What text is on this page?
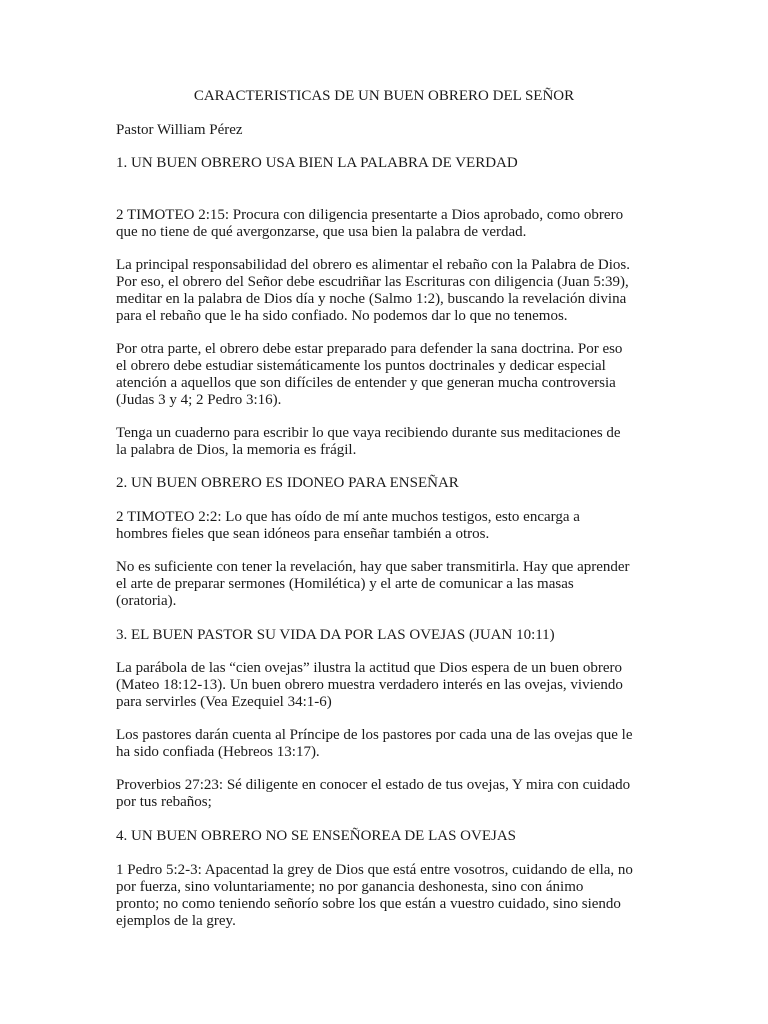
CARACTERISTICAS DE UN BUEN OBRERO DEL SEÑOR

Pastor William Pérez

1. UN BUEN OBRERO USA BIEN LA PALABRA DE VERDAD

2 TIMOTEO 2:15: Procura con diligencia presentarte a Dios aprobado, como obrero

que no tiene de qué avergonzarse, que usa bien la palabra de verdad.

La principal responsabilidad del obrero es alimentar el rebaño con la Palabra de Dios.

Por eso, el obrero del Señor debe escudriñar las Escrituras con diligencia (Juan 5:39),

meditar en la palabra de Dios día y noche (Salmo 1:2), buscando la revelación divina

para el rebaño que le ha sido confiado. No podemos dar lo que no tenemos.

Por otra parte, el obrero debe estar preparado para defender la sana doctrina. Por eso

el obrero debe estudiar sistemáticamente los puntos doctrinales y dedicar especial

atención a aquellos que son difíciles de entender y que generan mucha controversia

(Judas 3 y 4; 2 Pedro 3:16).

Tenga un cuaderno para escribir lo que vaya recibiendo durante sus meditaciones de

la palabra de Dios, la memoria es frágil.

2. UN BUEN OBRERO ES IDONEO PARA ENSEÑAR

2 TIMOTEO 2:2: Lo que has oído de mí ante muchos testigos, esto encarga a

hombres fieles que sean idóneos para enseñar también a otros.

No es suficiente con tener la revelación, hay que saber transmitirla. Hay que aprender

el arte de preparar sermones (Homilética) y el arte de comunicar a las masas

(oratoria).

3. EL BUEN PASTOR SU VIDA DA POR LAS OVEJAS (JUAN 10:11)

La parábola de las “cien ovejas” ilustra la actitud que Dios espera de un buen obrero

(Mateo 18:12-13). Un buen obrero muestra verdadero interés en las ovejas, viviendo

para servirles (Vea Ezequiel 34:1-6)

Los pastores darán cuenta al Príncipe de los pastores por cada una de las ovejas que le

ha sido confiada (Hebreos 13:17).

Proverbios 27:23: Sé diligente en conocer el estado de tus ovejas, Y mira con cuidado

por tus rebaños;

4. UN BUEN OBRERO NO SE ENSEÑOREA DE LAS OVEJAS

1 Pedro 5:2-3: Apacentad la grey de Dios que está entre vosotros, cuidando de ella, no

por fuerza, sino voluntariamente; no por ganancia deshonesta, sino con ánimo

pronto; no como teniendo señorío sobre los que están a vuestro cuidado, sino siendo

ejemplos de la grey.
